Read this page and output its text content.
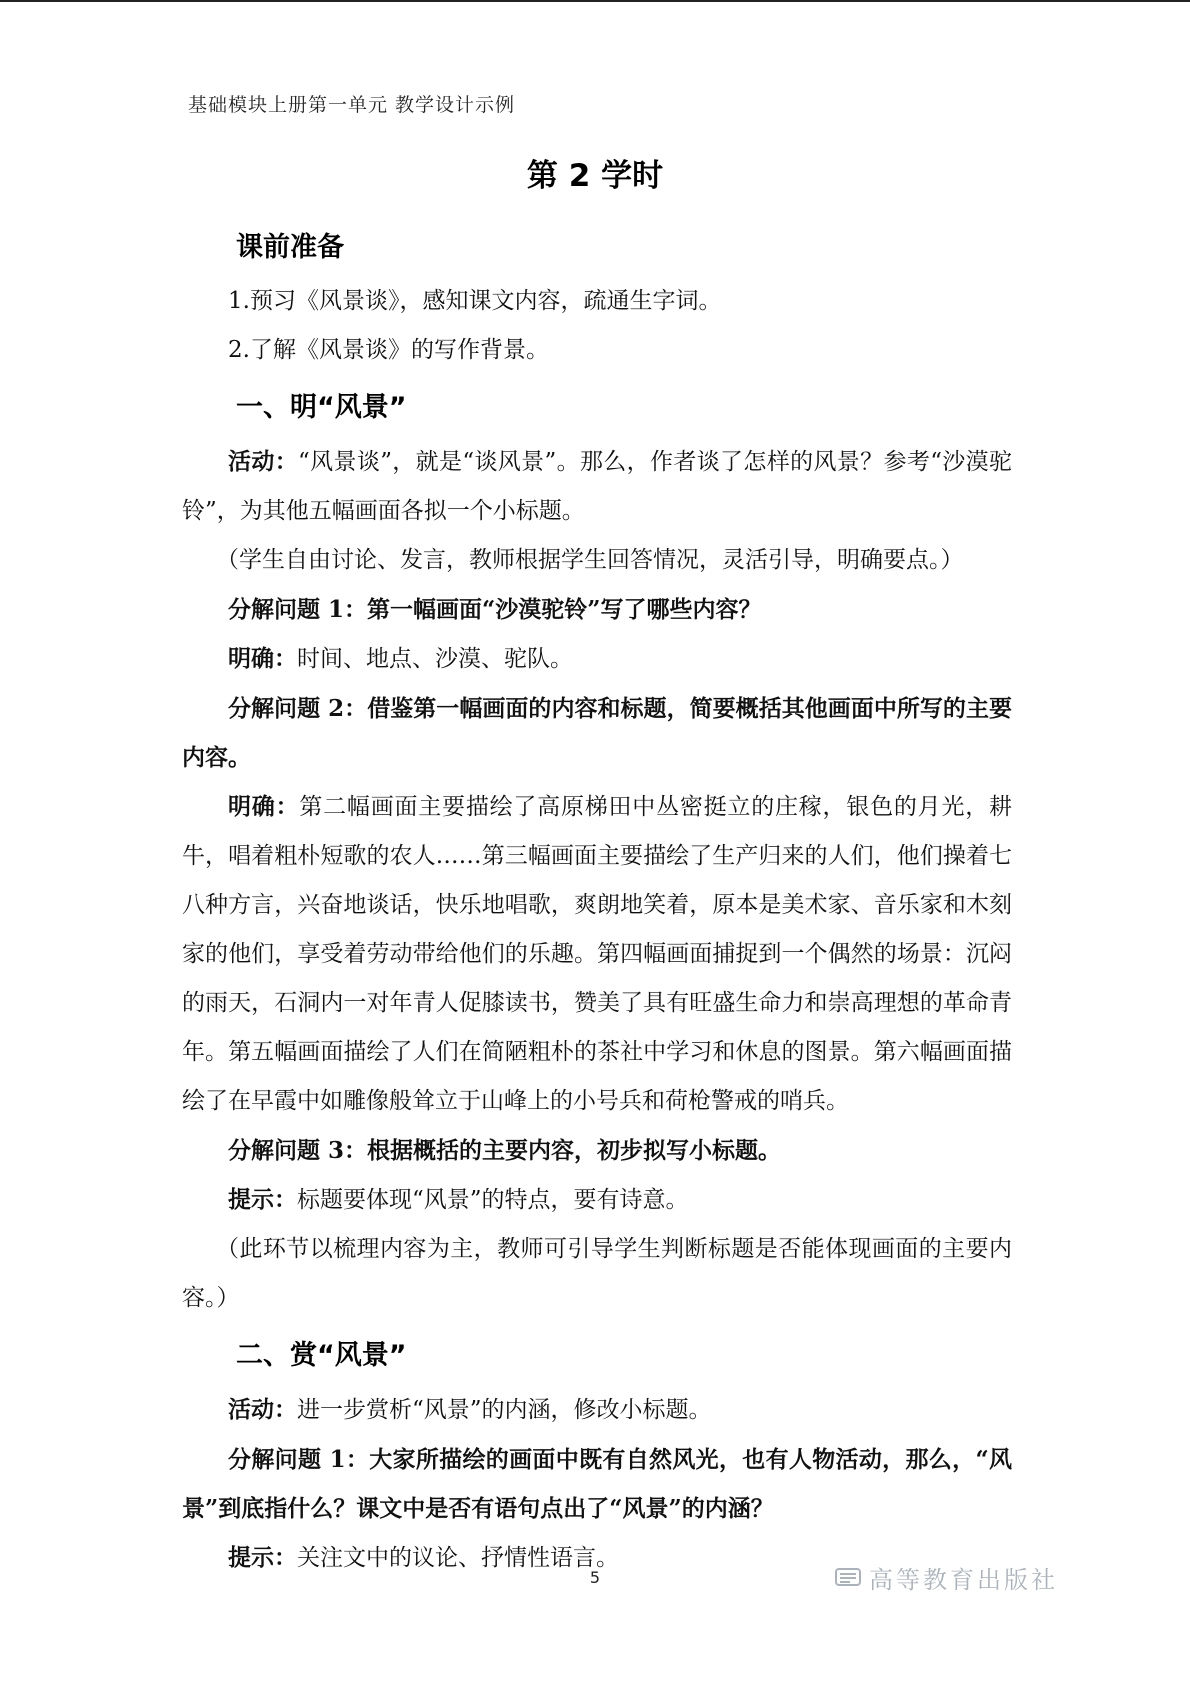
基础模块上册第一单元 教学设计示例
第 2 学时
课前准备

1.预习《风景谈》，感知课文内容，疏通生字词。

2.了解《风景谈》的写作背景。

一、明“风景”

活动：“风景谈”，就是“谈风景”。那么，作者谈了怎样的风景？参考“沙漠驼铃”，为其他五幅画面各拟一个小标题。

（学生自由讨论、发言，教师根据学生回答情况，灵活引导，明确要点。）

分解问题 1：第一幅画面“沙漠驼铃”写了哪些内容？

明确：时间、地点、沙漠、驼队。

分解问题 2：借鉴第一幅画面的内容和标题，简要概括其他画面中所写的主要内容。

明确：第二幅画面主要描绘了高原梯田中丛密挺立的庄稼，银色的月光，耕牛，唱着粗朴短歌的农人……第三幅画面主要描绘了生产归来的人们，他们操着七八种方言，兴奋地谈话，快乐地唱歌，爽朗地笑着，原本是美术家、音乐家和木刻家的他们，享受着劳动带给他们的乐趣。第四幅画面捕捉到一个偶然的场景：沉闷的雨天，石洞内一对年青人促膝读书，赞美了具有旺盛生命力和崇高理想的革命青年。第五幅画面描绘了人们在简陋粗朴的茶社中学习和休息的图景。第六幅画面描绘了在早霞中如雕像般耸立于山峰上的小号兵和荷枪警戒的哨兵。

分解问题 3：根据概括的主要内容，初步拟写小标题。

提示：标题要体现“风景”的特点，要有诗意。

（此环节以梳理内容为主，教师可引导学生判断标题是否能体现画面的主要内容。）

二、赏“风景”

活动：进一步赏析“风景”的内涵，修改小标题。

分解问题 1：大家所描绘的画面中既有自然风光，也有人物活动，那么，“风景”到底指什么？课文中是否有语句点出了“风景”的内涵？

提示：关注文中的议论、抒情性语言。

5	高等教育出版社
